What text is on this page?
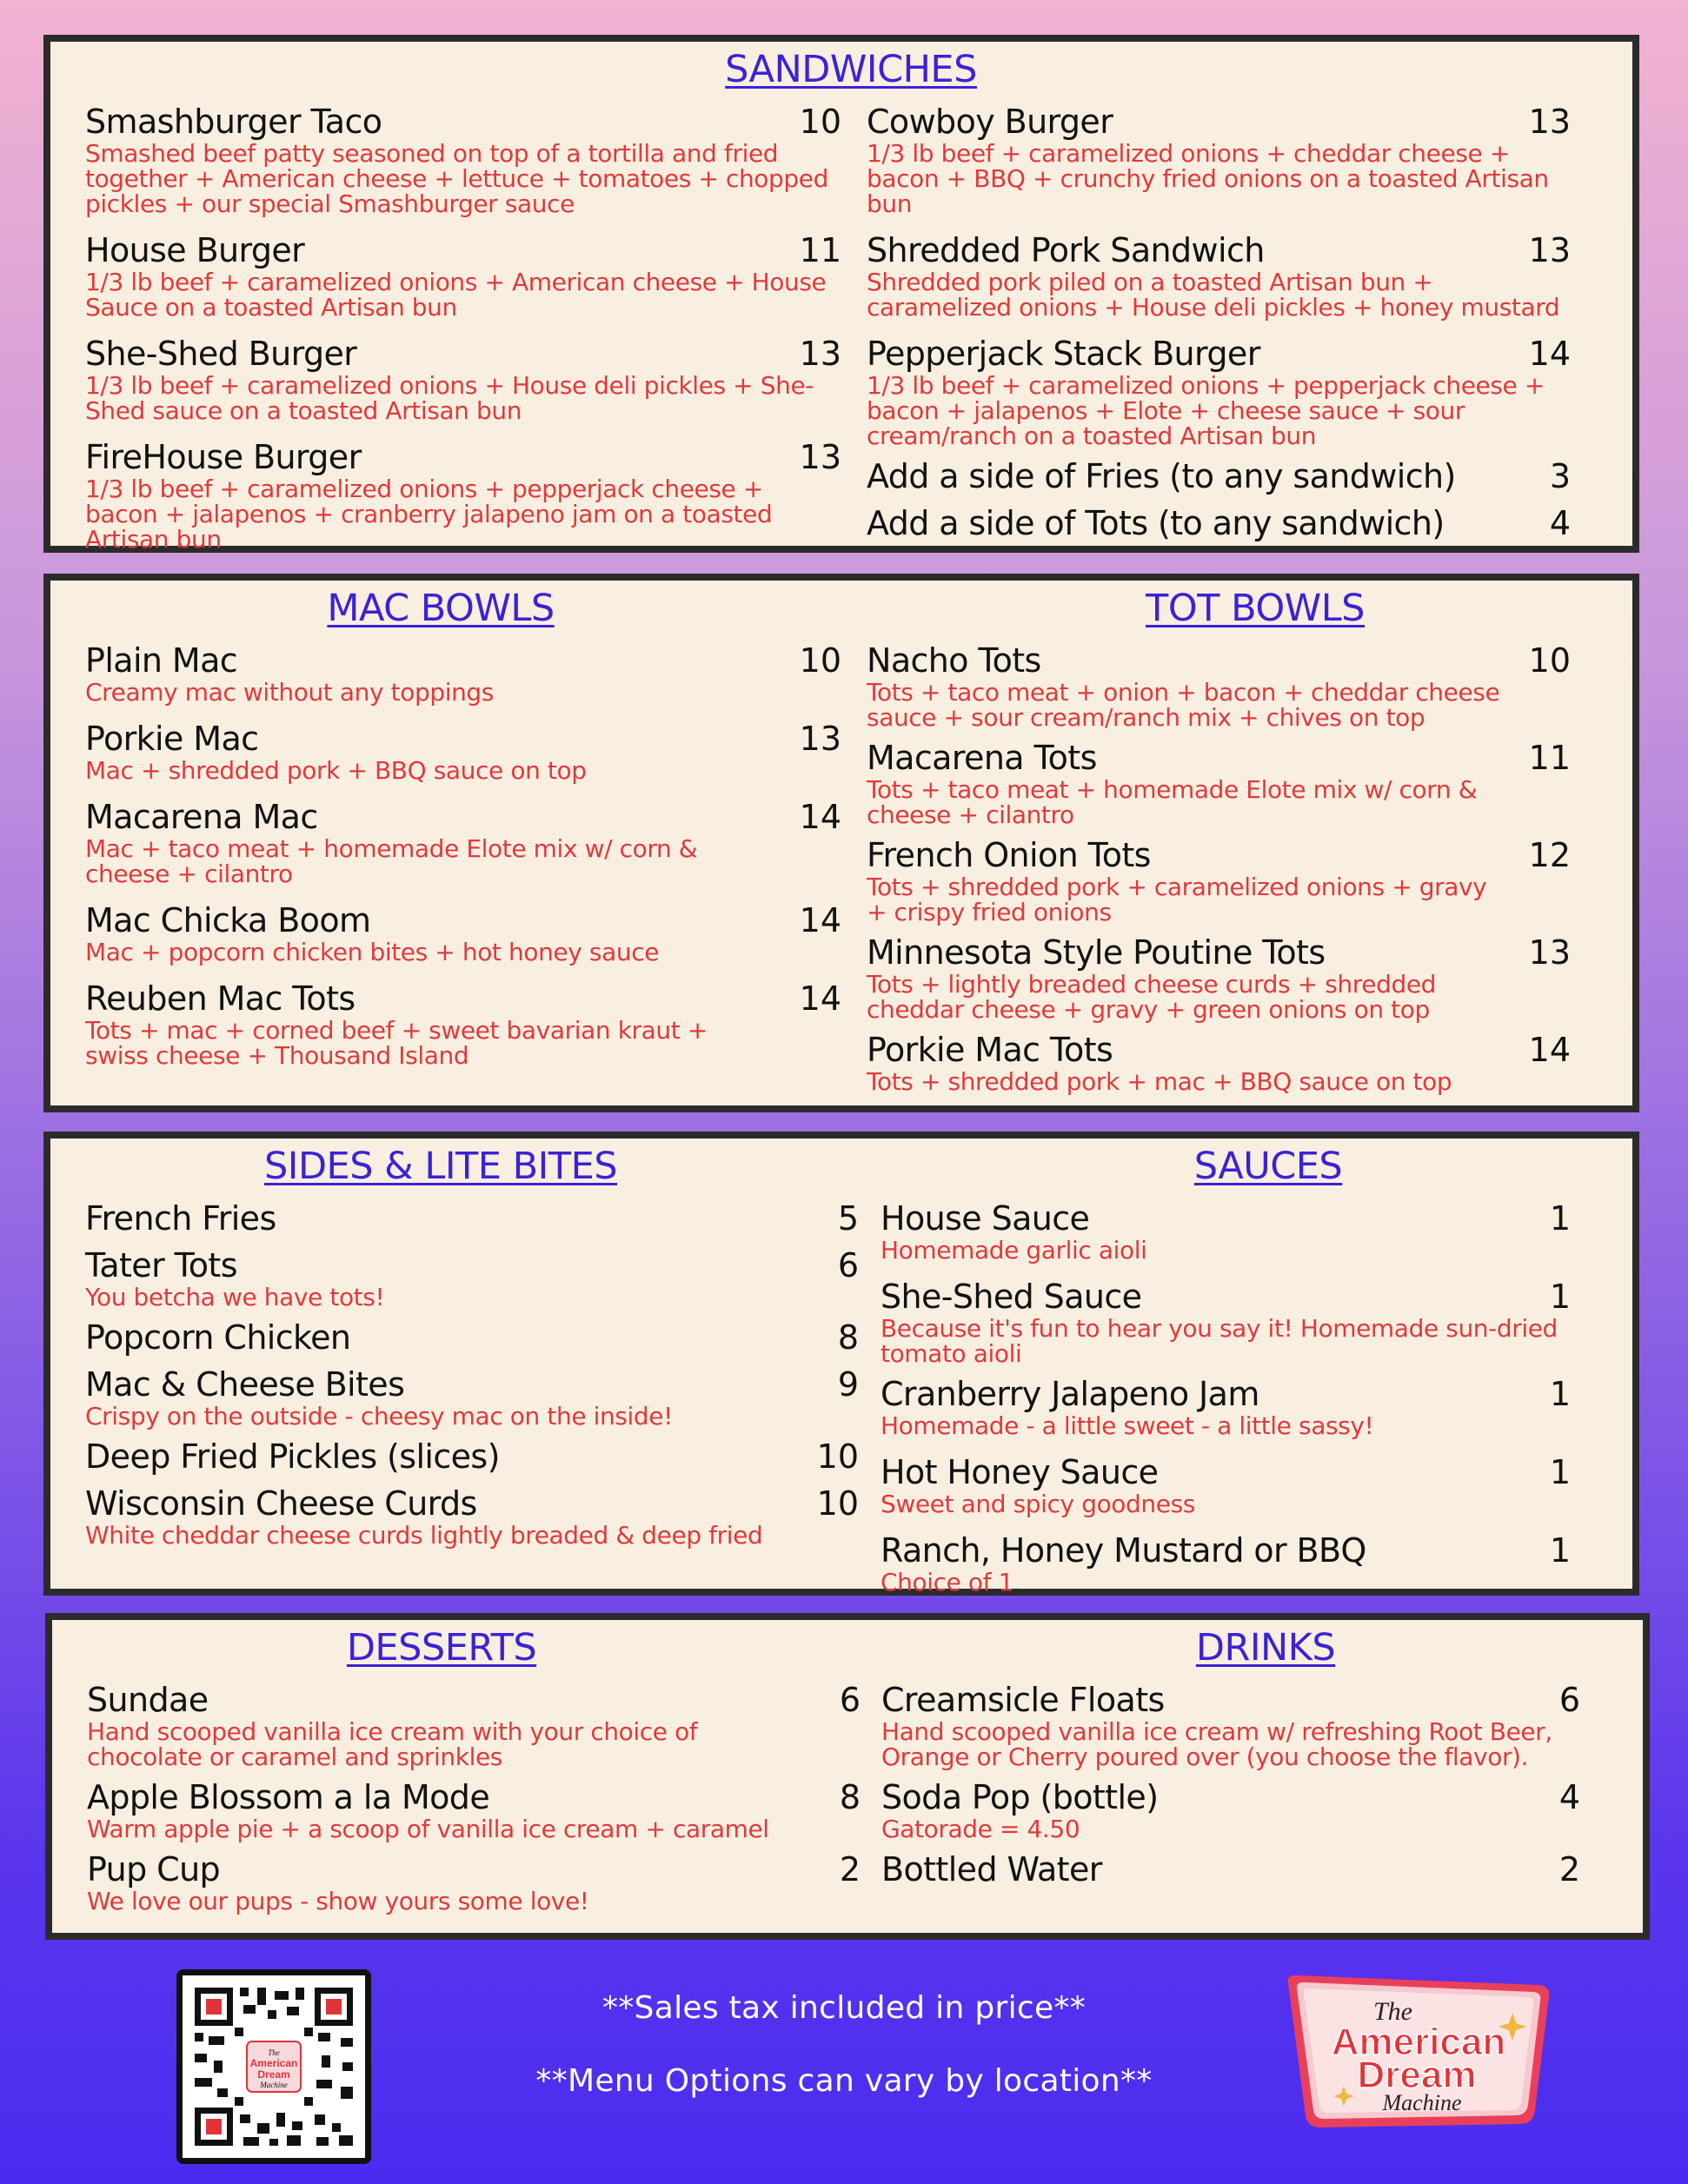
SANDWICHES
Smashburger Taco	10
Smashed beef patty seasoned on top of a tortilla and fried together + American cheese + lettuce + tomatoes + chopped pickles + our special Smashburger sauce
House Burger	11
1/3 lb beef + caramelized onions + American cheese + House Sauce on a toasted Artisan bun
She-Shed Burger	13
1/3 lb beef + caramelized onions + House deli pickles + She-Shed sauce on a toasted Artisan bun
FireHouse Burger	13
1/3 lb beef + caramelized onions + pepperjack cheese + bacon + jalapenos + cranberry jalapeno jam on a toasted Artisan bun
Cowboy Burger	13
1/3 lb beef + caramelized onions + cheddar cheese + bacon + BBQ + crunchy fried onions on a toasted Artisan bun
Shredded Pork Sandwich	13
Shredded pork piled on a toasted Artisan bun + caramelized onions + House deli pickles + honey mustard
Pepperjack Stack Burger	14
1/3 lb beef + caramelized onions + pepperjack cheese + bacon + jalapenos + Elote + cheese sauce + sour cream/ranch on a toasted Artisan bun
Add a side of Fries (to any sandwich)	3
Add a side of Tots (to any sandwich)	4
MAC BOWLS	TOT BOWLS
Plain Mac	10
Creamy mac without any toppings
Porkie Mac	13
Mac + shredded pork + BBQ sauce on top
Macarena Mac	14
Mac + taco meat + homemade Elote mix w/ corn & cheese + cilantro
Mac Chicka Boom	14
Mac + popcorn chicken bites + hot honey sauce
Reuben Mac Tots	14
Tots + mac + corned beef + sweet bavarian kraut + swiss cheese + Thousand Island
Nacho Tots	10
Tots + taco meat + onion + bacon + cheddar cheese sauce + sour cream/ranch mix + chives on top
Macarena Tots	11
Tots + taco meat + homemade Elote mix w/ corn & cheese + cilantro
French Onion Tots	12
Tots + shredded pork + caramelized onions + gravy + crispy fried onions
Minnesota Style Poutine Tots	13
Tots + lightly breaded cheese curds + shredded cheddar cheese + gravy + green onions on top
Porkie Mac Tots	14
Tots + shredded pork + mac + BBQ sauce on top
SIDES & LITE BITES	SAUCES
French Fries	5
Tater Tots	6
You betcha we have tots!
Popcorn Chicken	8
Mac & Cheese Bites	9
Crispy on the outside - cheesy mac on the inside!
Deep Fried Pickles (slices)	10
Wisconsin Cheese Curds	10
White cheddar cheese curds lightly breaded & deep fried
House Sauce	1
Homemade garlic aioli
She-Shed Sauce	1
Because it's fun to hear you say it! Homemade sun-dried tomato aioli
Cranberry Jalapeno Jam	1
Homemade - a little sweet - a little sassy!
Hot Honey Sauce	1
Sweet and spicy goodness
Ranch, Honey Mustard or BBQ	1
Choice of 1
DESSERTS	DRINKS
Sundae	6
Hand scooped vanilla ice cream with your choice of chocolate or caramel and sprinkles
Apple Blossom a la Mode	8
Warm apple pie + a scoop of vanilla ice cream + caramel
Pup Cup	2
We love our pups - show yours some love!
Creamsicle Floats	6
Hand scooped vanilla ice cream w/ refreshing Root Beer, Orange or Cherry poured over (you choose the flavor).
Soda Pop (bottle)	4
Gatorade = 4.50
Bottled Water	2
The
American
Dream
Machine
**Sales tax included in price**
**Menu Options can vary by location**
The
American
Dream
Machine
